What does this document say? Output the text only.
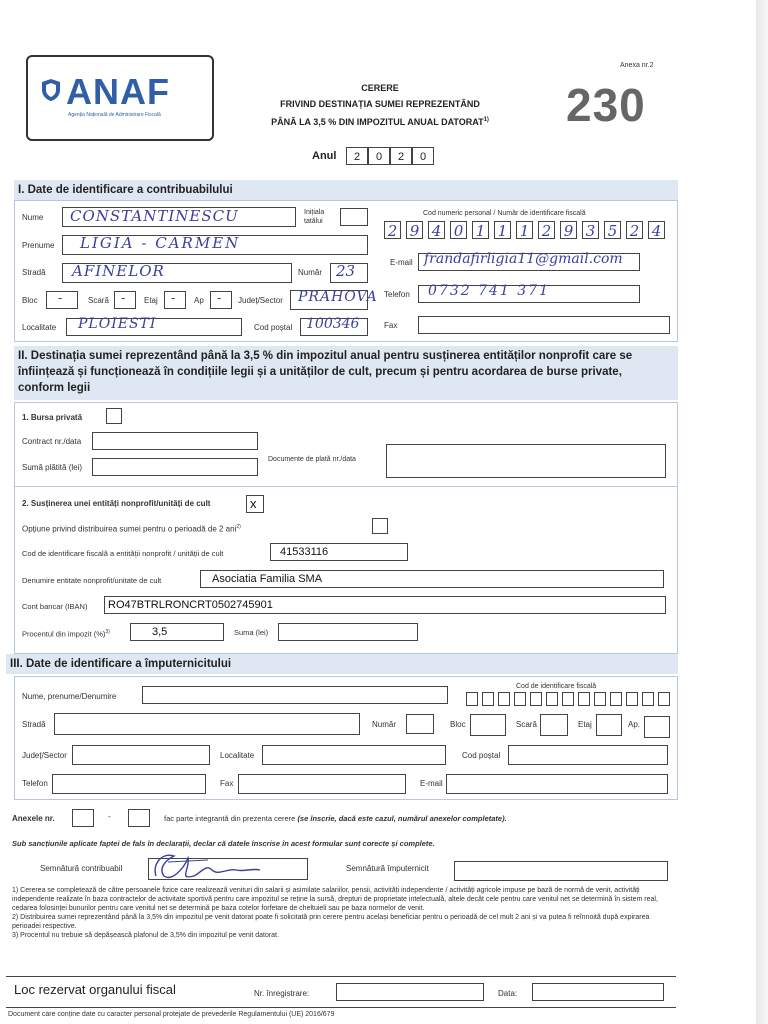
ANAF
Agenția Națională de Administrare Fiscală
Anexa nr.2
CERERE
FRIVIND DESTINAȚIA SUMEI REPREZENTÂND
PÂNĂ LA 3,5 % DIN IMPOZITUL ANUAL DATORAT$^{1)}$	230
Anul	2	0	2	0
I. Date de identificare a contribuabilului
Nume CONSTANTINESCU	Inițiala tatălui
Cod numeric personal / Număr de identificare fiscală
2 9 4 0 1 1 1 2 9 3 5 2 4
Prenume LIGIA - CARMEN
E-mail frandafirligia11@gmail.com
Stradă AFINELOR	Număr 23
Bloc -	Scară - Etaj - Ap - Județ/Sector PRAHOVA Telefon 0732 741 371
Localitate PLOIESTI	Cod poștal 100346	Fax
II. Destinația sumei reprezentând până la 3,5 % din impozitul anual pentru susținerea entităților nonprofit care se înființează și funcționează în condițiile legii și a unităților de cult, precum și pentru acordarea de burse private, conform legii
1. Bursa privată
Contract nr./data
Sumă plătită (lei)
Documente de plată nr./data
2. Susținerea unei entități nonprofit/unități de cult	x
Opțiune privind distribuirea sumei pentru o perioadă de 2 ani$^{2)}$
Cod de identificare fiscală a entității nonprofit / unității de cult	41533116
Denumire entitate nonprofit/unitate de cult	Asociatia Familia SMA
Cont bancar (IBAN) RO47BTRLRONCRT0502745901
Procentul din impozit (%)$^{3)}$	3,5	Suma (lei)
III. Date de identificare a împuternicitului
Nume, prenume/Denumire
Cod de identificare fiscală
Stradă	Număr	Bloc	Scară	Etaj	Ap.
Județ/Sector	Localitate	Cod poștal
Telefon	Fax	E-mail
Anexele nr.	-	fac parte integrantă din prezenta cerere (se înscrie, dacă este cazul, numărul anexelor completate).
Sub sancțiunile aplicate faptei de fals în declarații, declar că datele înscrise în acest formular sunt corecte și complete.
Semnătură contribuabil	Semnătură împuternicit
1) Cererea se completează de către persoanele fizice care realizează venituri din salarii și asimilate salariilor, pensii, activități independente / activități agricole impuse pe bază de normă de venit, activități independente realizate în baza contractelor de activitate sportivă pentru care impozitul se reține la sursă, drepturi de proprietate intelectuală, altele decât cele pentru care venitul net se determină în sistem real, cedarea folosinței bunurilor pentru care venitul net se determină pe baza cotelor forfetare de cheltuieli sau pe baza normelor de venit.
2) Distribuirea sumei reprezentând până la 3,5% din impozitul pe venit datorat poate fi solicitată prin cerere pentru același beneficiar pentru o perioadă de cel mult 2 ani și va putea fi reînnoită după expirarea perioadei respective.
3) Procentul nu trebuie să depășească plafonul de 3,5% din impozitul pe venit datorat.
Loc rezervat organului fiscal	Nr. înregistrare:	Data:
Document care conține date cu caracter personal protejate de prevederile Regulamentului (UE) 2016/679
